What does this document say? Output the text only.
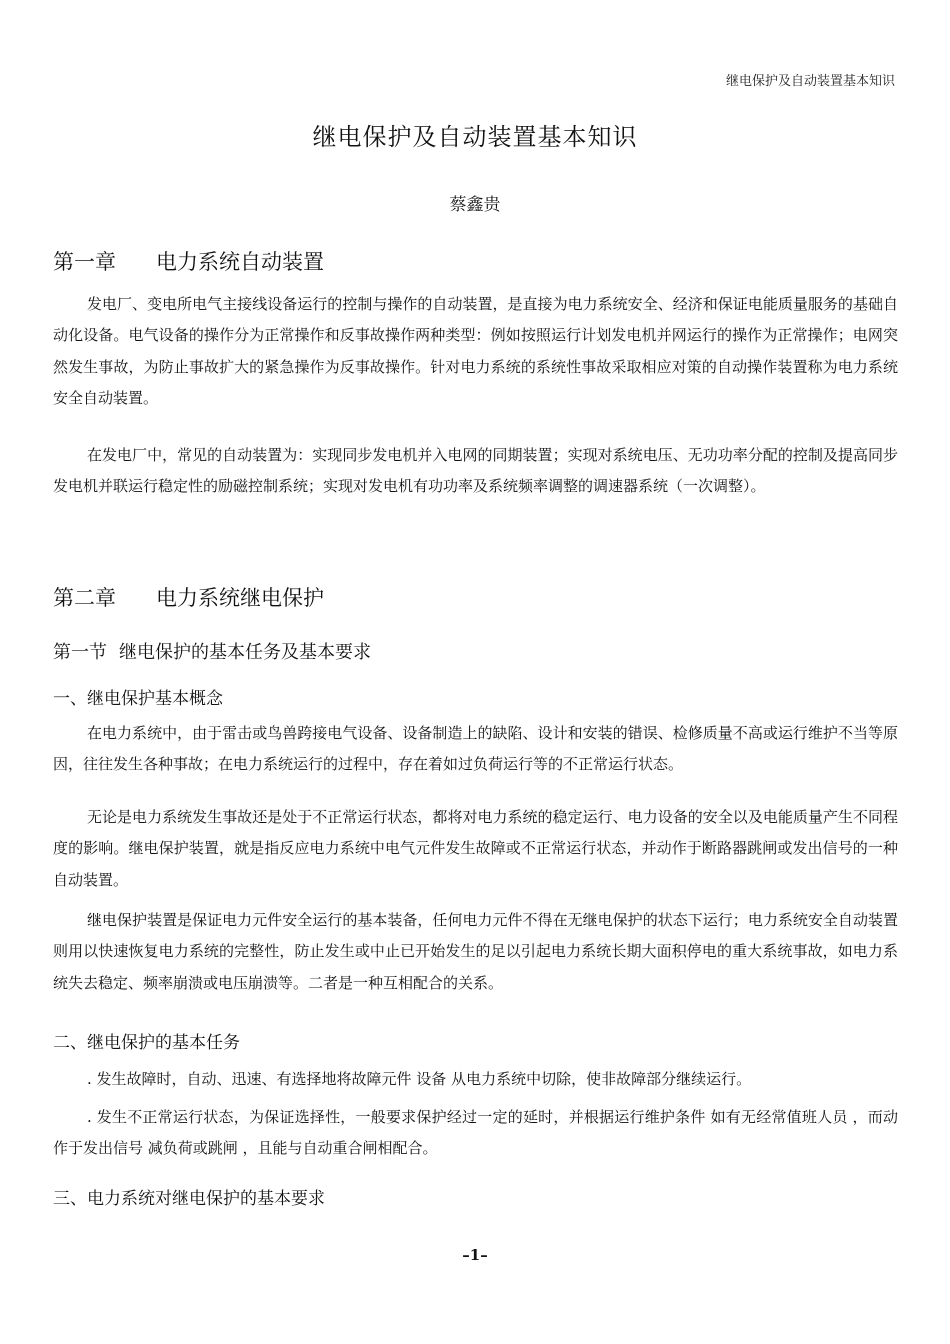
继电保护及自动装置基本知识
继电保护及自动装置基本知识
蔡鑫贵
第一章 电力系统自动装置
发电厂、变电所电气主接线设备运行的控制与操作的自动装置，是直接为电力系统安全、经济和保证电能质量服务的基础自动化设备。电气设备的操作分为正常操作和反事故操作两种类型：例如按照运行计划发电机并网运行的操作为正常操作；电网突然发生事故，为防止事故扩大的紧急操作为反事故操作。针对电力系统的系统性事故采取相应对策的自动操作装置称为电力系统安全自动装置。
在发电厂中，常见的自动装置为：实现同步发电机并入电网的同期装置；实现对系统电压、无功功率分配的控制及提高同步发电机并联运行稳定性的励磁控制系统；实现对发电机有功功率及系统频率调整的调速器系统（一次调整）。
第二章 电力系统继电保护
第一节 继电保护的基本任务及基本要求
一、继电保护基本概念
在电力系统中，由于雷击或鸟兽跨接电气设备、设备制造上的缺陷、设计和安装的错误、检修质量不高或运行维护不当等原因，往往发生各种事故；在电力系统运行的过程中，存在着如过负荷运行等的不正常运行状态。
无论是电力系统发生事故还是处于不正常运行状态，都将对电力系统的稳定运行、电力设备的安全以及电能质量产生不同程度的影响。继电保护装置，就是指反应电力系统中电气元件发生故障或不正常运行状态，并动作于断路器跳闸或发出信号的一种自动装置。
继电保护装置是保证电力元件安全运行的基本装备，任何电力元件不得在无继电保护的状态下运行；电力系统安全自动装置则用以快速恢复电力系统的完整性，防止发生或中止已开始发生的足以引起电力系统长期大面积停电的重大系统事故，如电力系统失去稳定、频率崩溃或电压崩溃等。二者是一种互相配合的关系。
二、继电保护的基本任务
. 发生故障时，自动、迅速、有选择地将故障元件 设备 从电力系统中切除，使非故障部分继续运行。
. 发生不正常运行状态，为保证选择性，一般要求保护经过一定的延时，并根据运行维护条件 如有无经常值班人员 ，而动作于发出信号 减负荷或跳闸 ，且能与自动重合闸相配合。
三、电力系统对继电保护的基本要求
–1–
